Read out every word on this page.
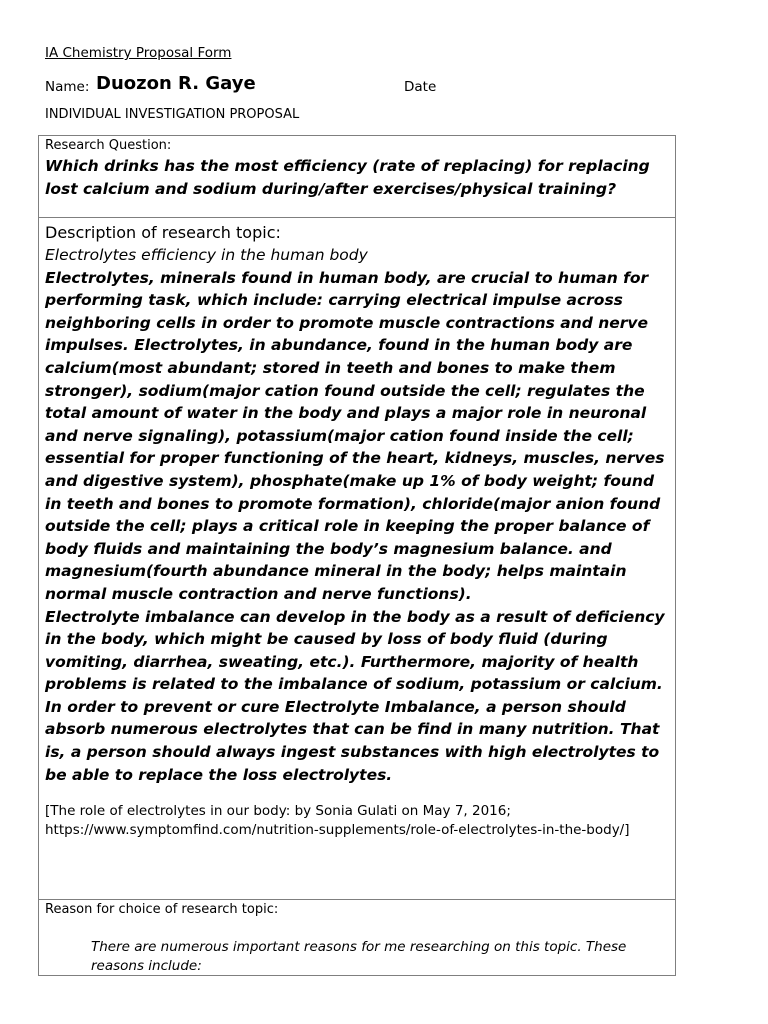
IA Chemistry Proposal Form
Name: Duozon R. Gaye	Date
INDIVIDUAL INVESTIGATION PROPOSAL
Research Question:
Which drinks has the most efficiency (rate of replacing) for replacing lost calcium and sodium during/after exercises/physical training?
Description of research topic:

Electrolytes efficiency in the human body

Electrolytes, minerals found in human body, are crucial to human for performing task, which include: carrying electrical impulse across neighboring cells in order to promote muscle contractions and nerve impulses. Electrolytes, in abundance, found in the human body are calcium(most abundant; stored in teeth and bones to make them stronger), sodium(major cation found outside the cell; regulates the total amount of water in the body and plays a major role in neuronal and nerve signaling), potassium(major cation found inside the cell; essential for proper functioning of the heart, kidneys, muscles, nerves and digestive system), phosphate(make up 1% of body weight; found in teeth and bones to promote formation), chloride(major anion found outside the cell; plays a critical role in keeping the proper balance of body fluids and maintaining the body’s magnesium balance. and magnesium(fourth abundance mineral in the body; helps maintain normal muscle contraction and nerve functions).

Electrolyte imbalance can develop in the body as a result of deficiency in the body, which might be caused by loss of body fluid (during vomiting, diarrhea, sweating, etc.). Furthermore, majority of health problems is related to the imbalance of sodium, potassium or calcium.

In order to prevent or cure Electrolyte Imbalance, a person should absorb numerous electrolytes that can be find in many nutrition. That is, a person should always ingest substances with high electrolytes to be able to replace the loss electrolytes.

[The role of electrolytes in our body: by Sonia Gulati on May 7, 2016; https://www.symptomfind.com/nutrition-supplements/role-of-electrolytes-in-the-body/]
Reason for choice of research topic:
There are numerous important reasons for me researching on this topic. These reasons include:
